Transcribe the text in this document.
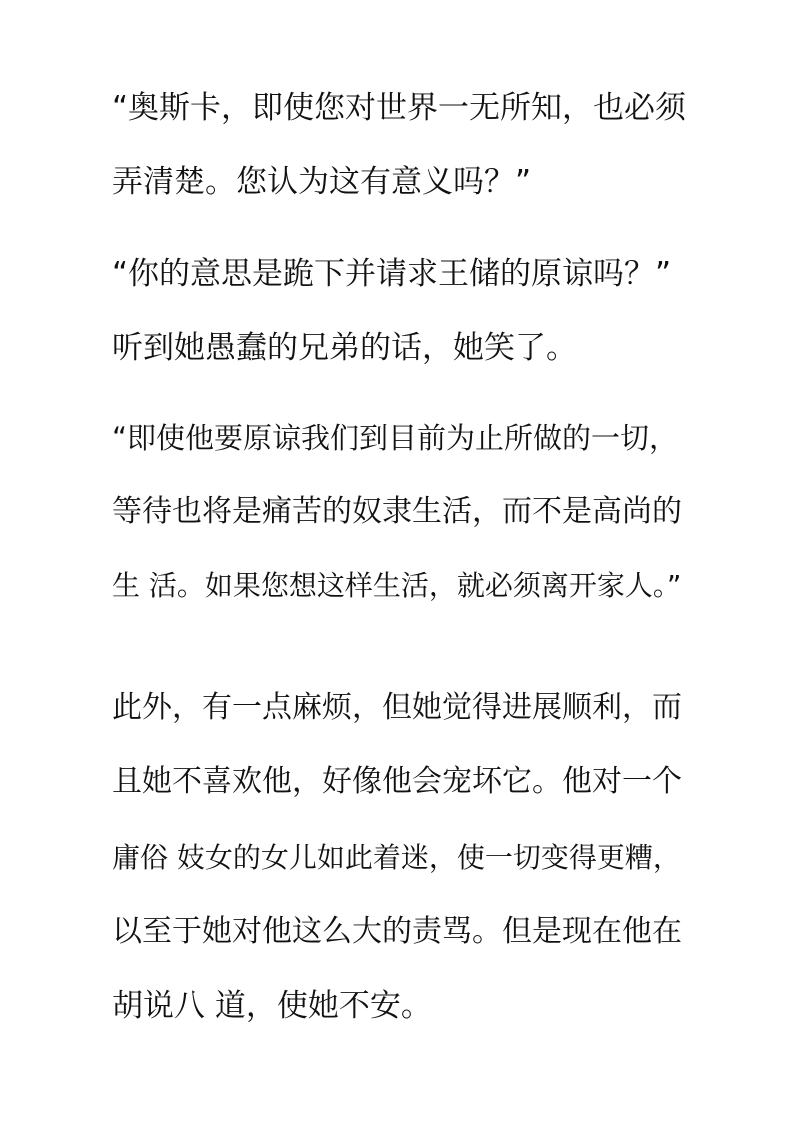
“奥斯卡，即使您对世界一无所知，也必须
弄清楚。您认为这有意义吗？”
“你的意思是跪下并请求王储的原谅吗？”
听到她愚蠢的兄弟的话，她笑了。
“即使他要原谅我们到目前为止所做的一切，
等待也将是痛苦的奴隶生活，而不是高尚的
生 活。如果您想这样生活，就必须离开家人。”
此外，有一点麻烦，但她觉得进展顺利，而
且她不喜欢他，好像他会宠坏它。他对一个
庸俗 妓女的女儿如此着迷，使一切变得更糟，
以至于她对他这么大的责骂。但是现在他在
胡说八 道，使她不安。
